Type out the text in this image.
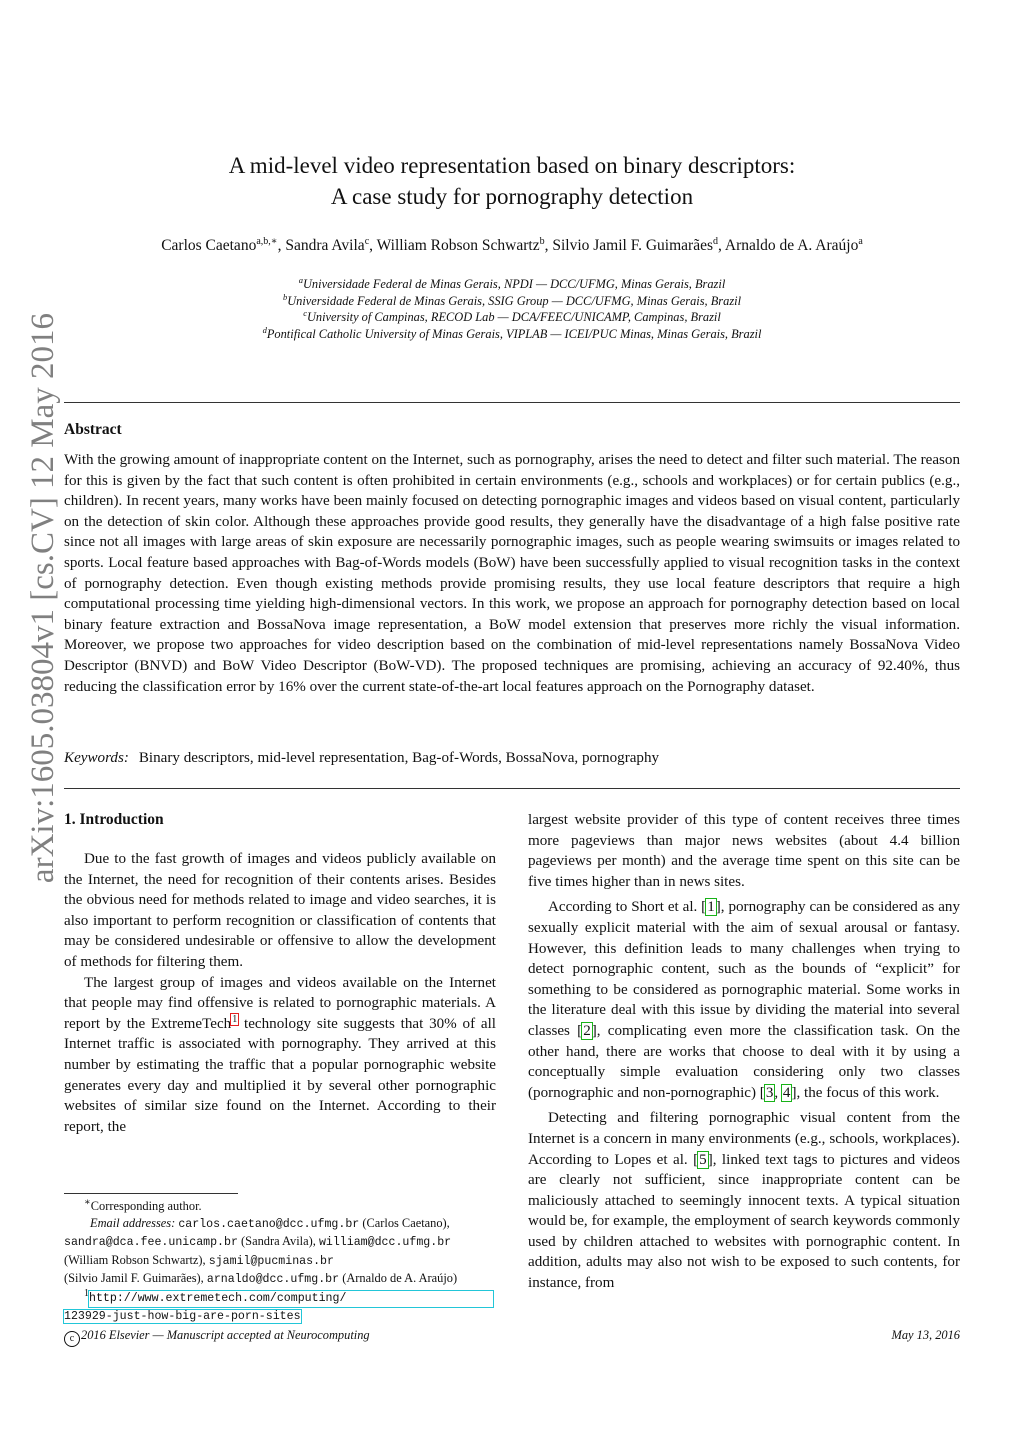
arXiv:1605.03804v1 [cs.CV] 12 May 2016
A mid-level video representation based on binary descriptors:
A case study for pornography detection
Carlos Caetano$^{a,b,∗}$, Sandra Avila$^c$, William Robson Schwartz$^b$, Silvio Jamil F. Guimarães$^d$, Arnaldo de A. Araújo$^a$
$^a$Universidade Federal de Minas Gerais, NPDI — DCC/UFMG, Minas Gerais, Brazil
$^b$Universidade Federal de Minas Gerais, SSIG Group — DCC/UFMG, Minas Gerais, Brazil
$^c$University of Campinas, RECOD Lab — DCA/FEEC/UNICAMP, Campinas, Brazil
$^d$Pontifical Catholic University of Minas Gerais, VIPLAB — ICEI/PUC Minas, Minas Gerais, Brazil
Abstract
With the growing amount of inappropriate content on the Internet, such as pornography, arises the need to detect and filter such material. The reason for this is given by the fact that such content is often prohibited in certain environments (e.g., schools and workplaces) or for certain publics (e.g., children). In recent years, many works have been mainly focused on detecting pornographic images and videos based on visual content, particularly on the detection of skin color. Although these approaches provide good results, they generally have the disadvantage of a high false positive rate since not all images with large areas of skin exposure are necessarily pornographic images, such as people wearing swimsuits or images related to sports. Local feature based approaches with Bag-of-Words models (BoW) have been successfully applied to visual recognition tasks in the context of pornography detection. Even though existing methods provide promising results, they use local feature descriptors that require a high computational processing time yielding high-dimensional vectors. In this work, we propose an approach for pornography detection based on local binary feature extraction and BossaNova image representation, a BoW model extension that preserves more richly the visual information. Moreover, we propose two approaches for video description based on the combination of mid-level representations namely BossaNova Video Descriptor (BNVD) and BoW Video Descriptor (BoW-VD). The proposed techniques are promising, achieving an accuracy of 92.40%, thus reducing the classification error by 16% over the current state-of-the-art local features approach on the Pornography dataset.
Keywords: Binary descriptors, mid-level representation, Bag-of-Words, BossaNova, pornography
1. Introduction

Due to the fast growth of images and videos publicly available on the Internet, the need for recognition of their contents arises. Besides the obvious need for methods related to image and video searches, it is also important to perform recognition or classification of contents that may be considered undesirable or offensive to allow the development of methods for filtering them.

The largest group of images and videos available on the Internet that people may find offensive is related to pornographic materials. A report by the ExtremeTech$^1$ technology site suggests that 30% of all Internet traffic is associated with pornography. They arrived at this number by estimating the traffic that a popular pornographic website generates every day and multiplied it by several other pornographic websites of similar size found on the Internet. According to their report, the

largest website provider of this type of content receives three times more pageviews than major news websites (about 4.4 billion pageviews per month) and the average time spent on this site can be five times higher than in news sites.

According to Short et al. [1], pornography can be considered as any sexually explicit material with the aim of sexual arousal or fantasy. However, this definition leads to many challenges when trying to detect pornographic content, such as the bounds of “explicit” for something to be considered as pornographic material. Some works in the literature deal with this issue by dividing the material into several classes [2], complicating even more the classification task. On the other hand, there are works that choose to deal with it by using a conceptually simple evaluation considering only two classes (pornographic and non-pornographic) [3, 4], the focus of this work.

Detecting and filtering pornographic visual content from the Internet is a concern in many environments (e.g., schools, workplaces). According to Lopes et al. [5], linked text tags to pictures and videos are clearly not sufficient, since inappropriate content can be maliciously attached to seemingly innocent texts. A typical situation would be, for example, the employment of search keywords commonly used by children attached to websites with pornographic content. In addition, adults may also not wish to be exposed to such contents, for instance, from

∗Corresponding author.
Email addresses: carlos.caetano@dcc.ufmg.br (Carlos Caetano),
sandra@dca.fee.unicamp.br (Sandra Avila), william@dcc.ufmg.br
(William Robson Schwartz), sjamil@pucminas.br
(Silvio Jamil F. Guimarães), arnaldo@dcc.ufmg.br (Arnaldo de A. Araújo)
$^1$http://www.extremetech.com/computing/
123929-just-how-big-are-porn-sites
c 2016 Elsevier — Manuscript accepted at Neurocomputing	May 13, 2016
